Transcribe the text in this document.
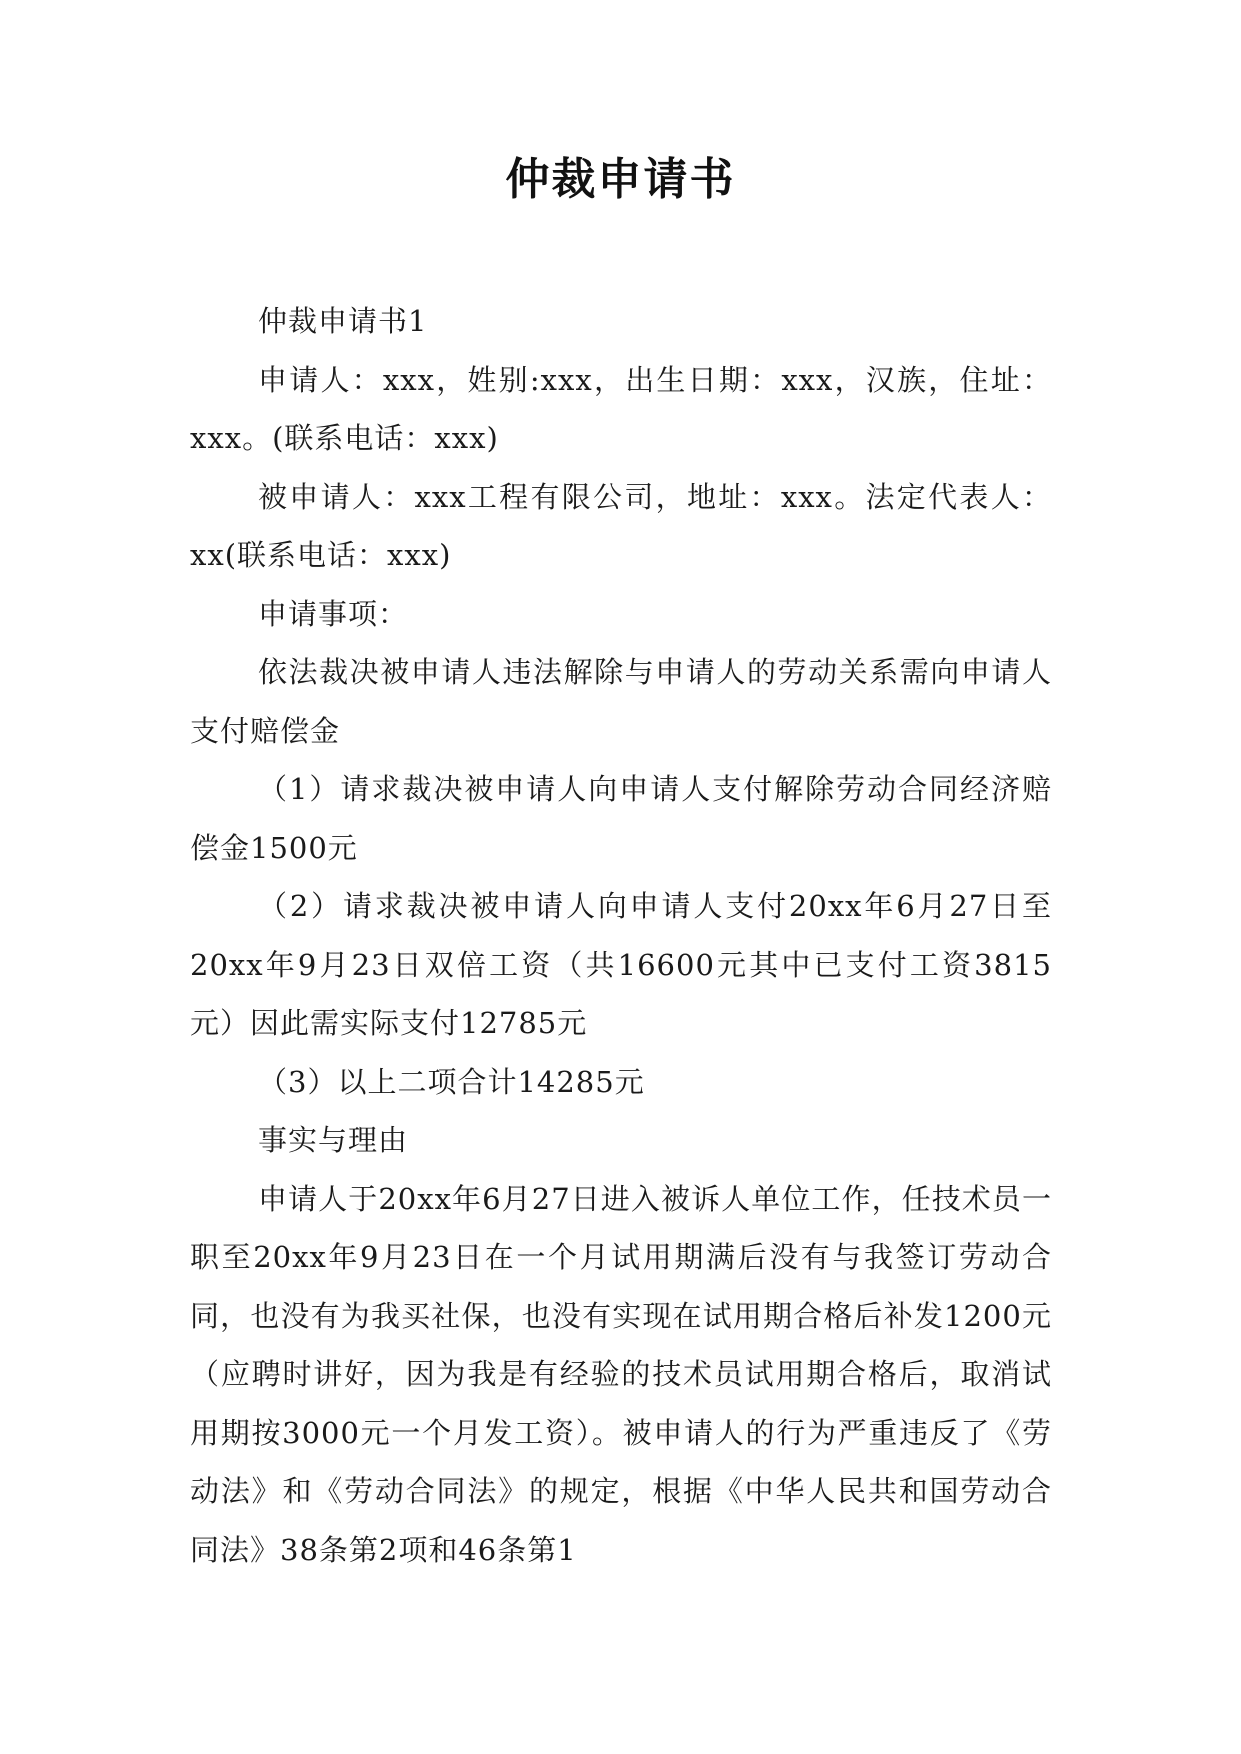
仲裁申请书

仲裁申请书1

申请人：xxx，姓别:xxx，出生日期：xxx，汉族，住址：xxx。(联系电话：xxx)

被申请人：xxx工程有限公司，地址：xxx。法定代表人：xx(联系电话：xxx)

申请事项：

依法裁决被申请人违法解除与申请人的劳动关系需向申请人支付赔偿金

（1）请求裁决被申请人向申请人支付解除劳动合同经济赔偿金1500元

（2）请求裁决被申请人向申请人支付20xx年6月27日至20xx年9月23日双倍工资（共16600元其中已支付工资3815元）因此需实际支付12785元

（3）以上二项合计14285元

事实与理由

申请人于20xx年6月27日进入被诉人单位工作，任技术员一职至20xx年9月23日在一个月试用期满后没有与我签订劳动合同，也没有为我买社保，也没有实现在试用期合格后补发1200元（应聘时讲好，因为我是有经验的技术员试用期合格后，取消试用期按3000元一个月发工资）。被申请人的行为严重违反了《劳动法》和《劳动合同法》的规定，根据《中华人民共和国劳动合同法》38条第2项和46条第1
